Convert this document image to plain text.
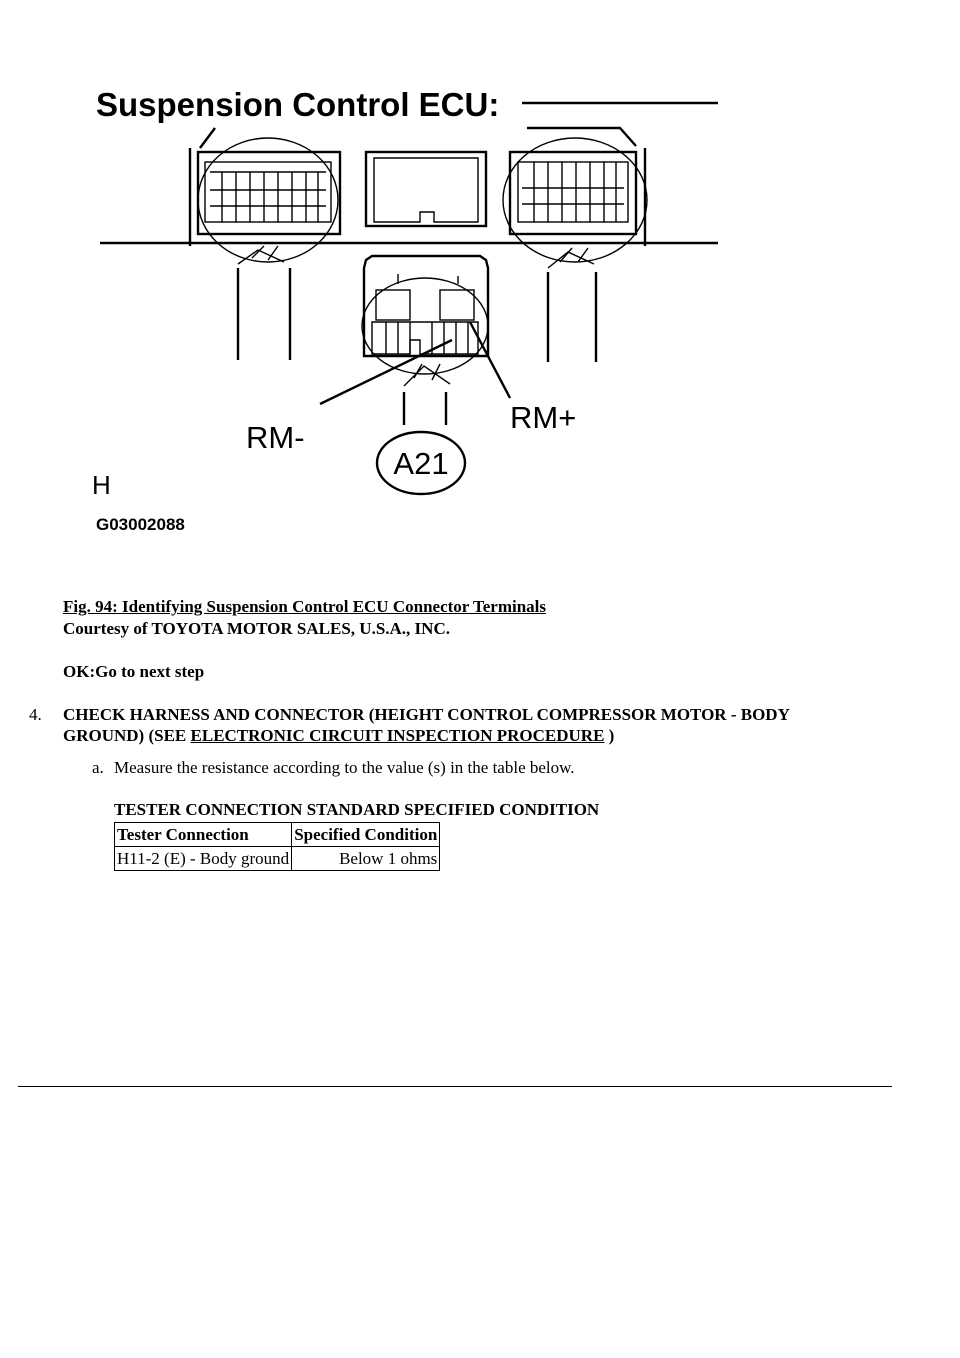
Suspension Control ECU:
RM-
RM+
A21
H
G03002088
Fig. 94: Identifying Suspension Control ECU Connector Terminals
Courtesy of TOYOTA MOTOR SALES, U.S.A., INC.
OK:Go to next step
4. CHECK HARNESS AND CONNECTOR (HEIGHT CONTROL COMPRESSOR MOTOR - BODY GROUND) (SEE ELECTRONIC CIRCUIT INSPECTION PROCEDURE )
a. Measure the resistance according to the value (s) in the table below.
TESTER CONNECTION STANDARD SPECIFIED CONDITION
Tester Connection	Specified Condition
H11-2 (E) - Body ground	Below 1 ohms
